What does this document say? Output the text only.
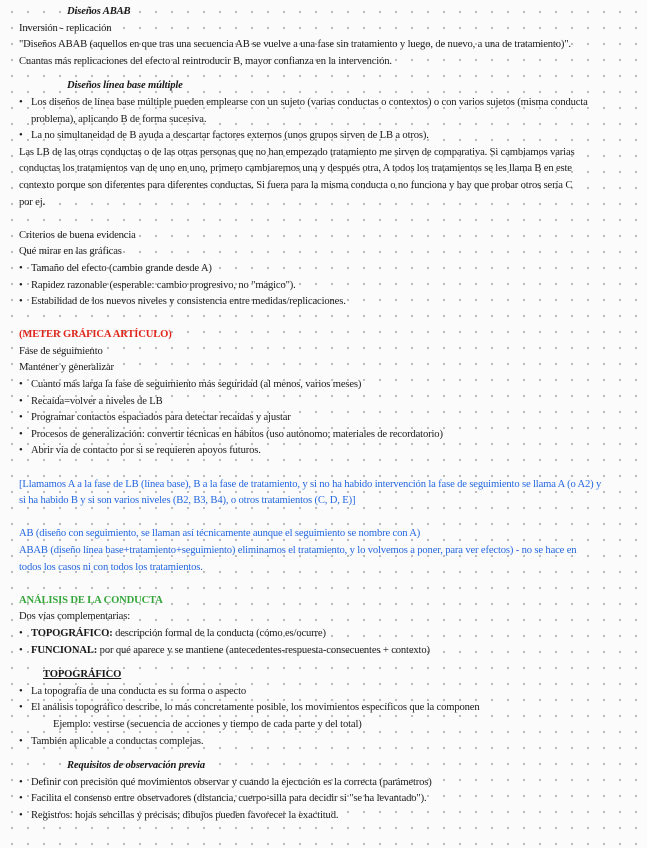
Diseños ABAB
Inversión - replicación
"Diseños ABAB (aquellos en que tras una secuencia AB se vuelve a una fase sin tratamiento y luego, de nuevo, a una de tratamiento)".
Cuantas más replicaciones del efecto al reintroducir B, mayor confianza en la intervención.
Diseños línea base múltiple
• Los diseños de línea base múltiple pueden emplearse con un sujeto (varias conductas o contextos) o con varios sujetos (misma conducta
problema), aplicando B de forma sucesiva.
• La no simultaneidad de B ayuda a descartar factores externos (unos grupos sirven de LB a otros).
Las LB de las otras conductas o de las otras personas que no han empezado tratamiento me sirven de comparativa. Si cambiamos varias
conductas los tratamientos van de uno en uno, primero cambiaremos una y después otra. A todos los tratamientos se les llama B en este
contexto porque son diferentes para diferentes conductas. Si fuera para la misma conducta o no funciona y hay que probar otros sería C
por ej.
Criterios de buena evidencia
Qué mirar en las gráficas
• Tamaño del efecto (cambio grande desde A)
• Rapidez razonable (esperable: cambio progresivo, no "mágico").
• Estabilidad de los nuevos niveles y consistencia entre medidas/replicaciones.
(METER GRÁFICA ARTÍCULO)
Fase de seguimiento
Mantener y generalizar
• Cuanto más larga la fase de seguimiento más seguridad (al menos, varios meses)
• Recaída=volver a niveles de LB
• Programar contactos espaciados para detectar recaídas y ajustar
• Procesos de generalización: convertir técnicas en hábitos (uso autónomo; materiales de recordatorio)
• Abrir vía de contacto por si se requieren apoyos futuros.
[Llamamos A a la fase de LB (línea base), B a la fase de tratamiento, y si no ha habido intervención la fase de seguimiento se llama A (o A2) y
si ha habido B y si son varios niveles (B2, B3, B4), o otros tratamientos (C, D, E)]
AB (diseño con seguimiento, se llaman así técnicamente aunque el seguimiento se nombre con A)
ABAB (diseño línea base+tratamiento+seguimiento) eliminamos el tratamiento, y lo volvemos a poner, para ver efectos) - no se hace en
todos los casos ni con todos los tratamientos.
ANÁLISIS DE LA CONDUCTA
Dos vías complementarias:
• TOPOGRÁFICO: descripción formal de la conducta (cómo es/ocurre)
• FUNCIONAL: por qué aparece y se mantiene (antecedentes-respuesta-consecuentes + contexto)
TOPOGRÁFICO
• La topografía de una conducta es su forma o aspecto
• El análisis topográfico describe, lo más concretamente posible, los movimientos específicos que la componen
Ejemplo: vestirse (secuencia de acciones y tiempo de cada parte y del total)
• También aplicable a conductas complejas.
Requisitos de observación previa
• Definir con precisión qué movimientos observar y cuando la ejecución es la correcta (parámetros)
• Facilita el consenso entre observadores (distancia, cuerpo-silla para decidir si "se ha levantado").
• Registros: hojas sencillas y precisas; dibujos pueden favorecer la exactitud.
